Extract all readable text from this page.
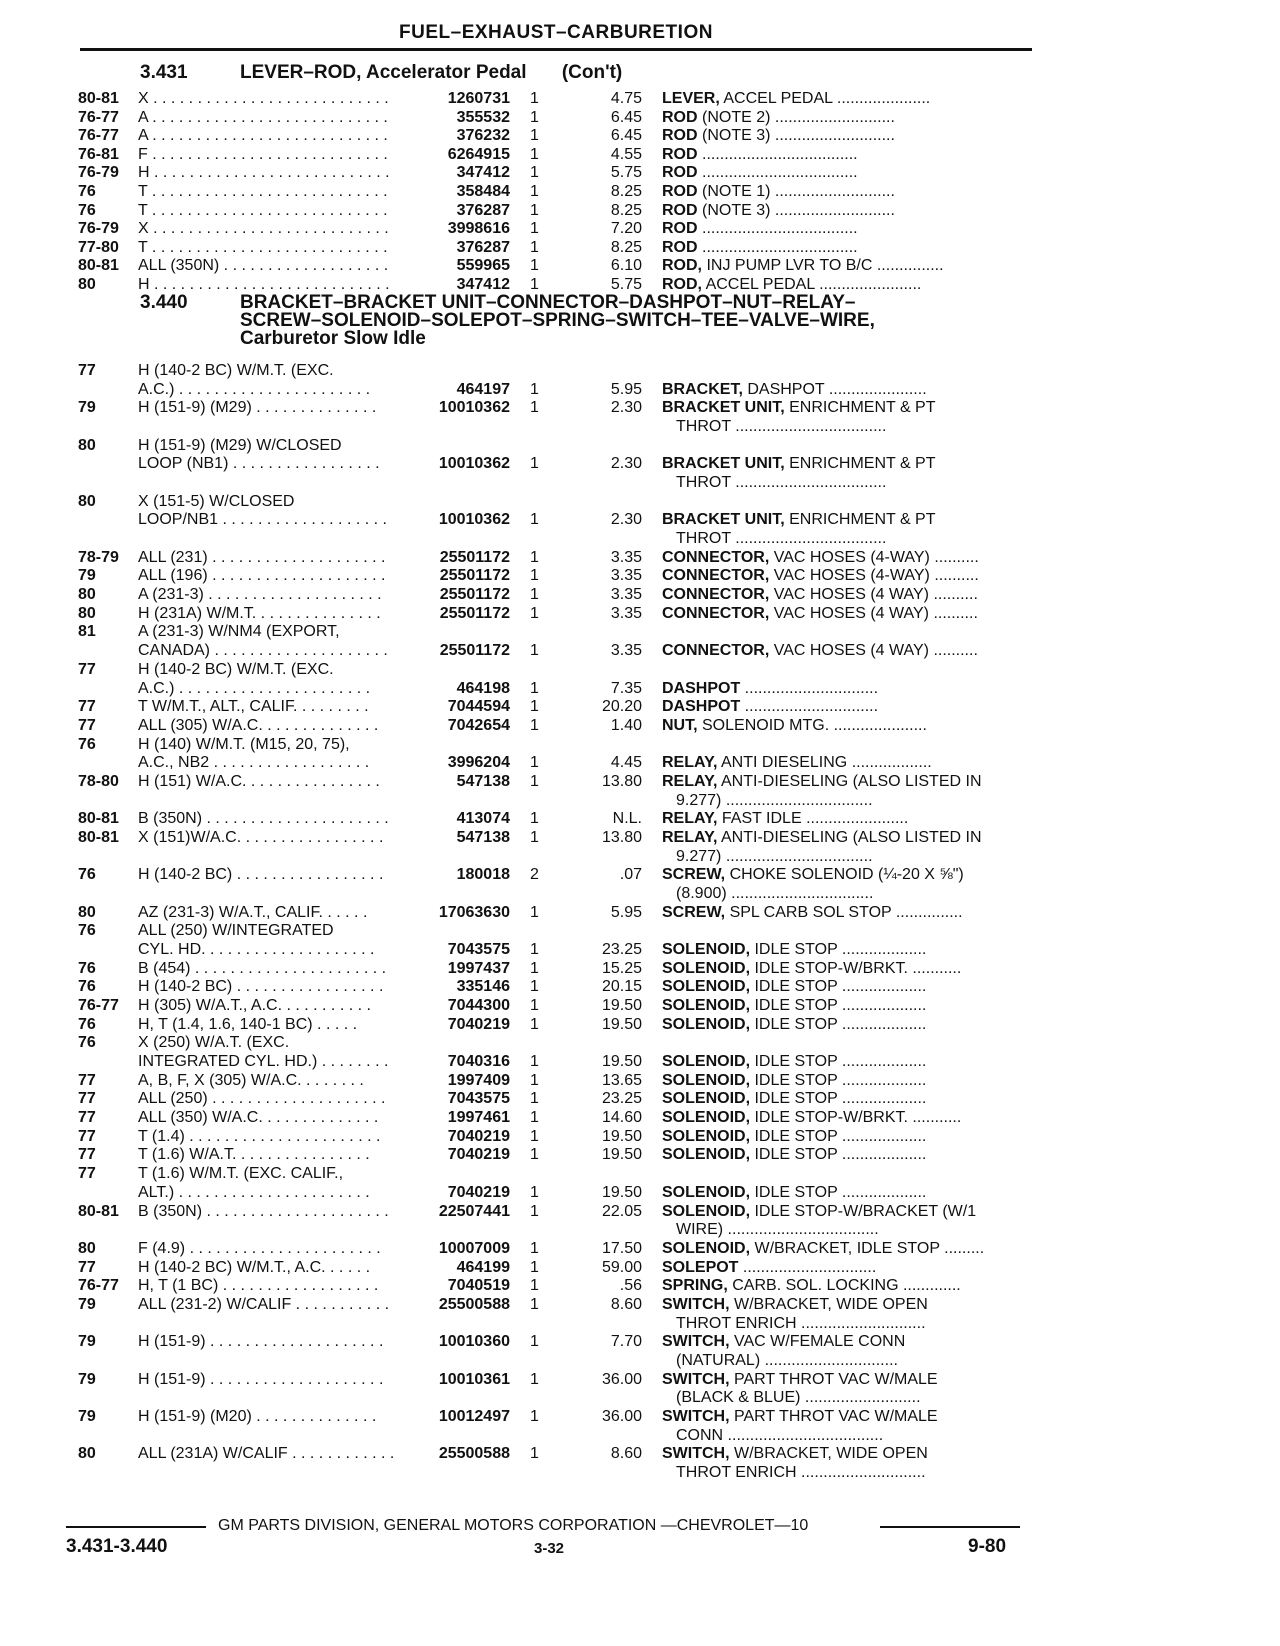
FUEL–EXHAUST–CARBURETION
3.431	LEVER–ROD, Accelerator Pedal (Con't)
3.440	BRACKET–BRACKET UNIT–CONNECTOR–DASHPOT–NUT–RELAY–
SCREW–SOLENOID–SOLEPOT–SPRING–SWITCH–TEE–VALVE–WIRE,
Carburetor Slow Idle
80-81	X . . . . . . . . . . . . . . . . . . . . . . . . . . .	1260731 1	4.75 LEVER, ACCEL PEDAL .....................
76-77	A . . . . . . . . . . . . . . . . . . . . . . . . . . .	355532 1	6.45 ROD (NOTE 2) ...........................
76-77	A . . . . . . . . . . . . . . . . . . . . . . . . . . .	376232 1	6.45 ROD (NOTE 3) ...........................
76-81	F . . . . . . . . . . . . . . . . . . . . . . . . . . .	6264915 1	4.55 ROD ...................................
76-79	H . . . . . . . . . . . . . . . . . . . . . . . . . . .	347412 1	5.75 ROD ...................................
76	T . . . . . . . . . . . . . . . . . . . . . . . . . . .	358484 1	8.25 ROD (NOTE 1) ...........................
76	T . . . . . . . . . . . . . . . . . . . . . . . . . . .	376287 1	8.25 ROD (NOTE 3) ...........................
76-79	X . . . . . . . . . . . . . . . . . . . . . . . . . . .	3998616 1	7.20 ROD ...................................
77-80	T . . . . . . . . . . . . . . . . . . . . . . . . . . .	376287 1	8.25 ROD ...................................
80-81	ALL (350N) . . . . . . . . . . . . . . . . . . .	559965 1	6.10 ROD, INJ PUMP LVR TO B/C ...............
80	H . . . . . . . . . . . . . . . . . . . . . . . . . . .	347412 1	5.75 ROD, ACCEL PEDAL .......................
77	H (140-2 BC) W/M.T. (EXC.
A.C.) . . . . . . . . . . . . . . . . . . . . . .	464197 1	5.95 BRACKET, DASHPOT ......................
79	H (151-9) (M29) . . . . . . . . . . . . . .	10010362 1	2.30 BRACKET UNIT, ENRICHMENT & PT
THROT ..................................
80	H (151-9) (M29) W/CLOSED
LOOP (NB1) . . . . . . . . . . . . . . . . .	10010362 1	2.30 BRACKET UNIT, ENRICHMENT & PT
THROT ..................................
80	X (151-5) W/CLOSED
LOOP/NB1 . . . . . . . . . . . . . . . . . . .	10010362 1	2.30 BRACKET UNIT, ENRICHMENT & PT
THROT ..................................
78-79	ALL (231) . . . . . . . . . . . . . . . . . . . .	25501172 1	3.35 CONNECTOR, VAC HOSES (4-WAY) ..........
79	ALL (196) . . . . . . . . . . . . . . . . . . . .	25501172 1	3.35 CONNECTOR, VAC HOSES (4-WAY) ..........
80	A (231-3) . . . . . . . . . . . . . . . . . . . .	25501172 1	3.35 CONNECTOR, VAC HOSES (4 WAY) ..........
80	H (231A) W/M.T. . . . . . . . . . . . . . .	25501172 1	3.35 CONNECTOR, VAC HOSES (4 WAY) ..........
81	A (231-3) W/NM4 (EXPORT,
CANADA) . . . . . . . . . . . . . . . . . . . .	25501172 1	3.35 CONNECTOR, VAC HOSES (4 WAY) ..........
77	H (140-2 BC) W/M.T. (EXC.
A.C.) . . . . . . . . . . . . . . . . . . . . . .	464198 1	7.35 DASHPOT ..............................
77	T W/M.T., ALT., CALIF. . . . . . . . .	7044594 1	20.20 DASHPOT ..............................
77	ALL (305) W/A.C. . . . . . . . . . . . . .	7042654 1	1.40 NUT, SOLENOID MTG. .....................
76	H (140) W/M.T. (M15, 20, 75),
A.C., NB2 . . . . . . . . . . . . . . . . . .	3996204 1	4.45 RELAY, ANTI DIESELING ..................
78-80	H (151) W/A.C. . . . . . . . . . . . . . . .	547138 1	13.80 RELAY, ANTI-DIESELING (ALSO LISTED IN
9.277) .................................
80-81	B (350N) . . . . . . . . . . . . . . . . . . . . .	413074 1	N.L. RELAY, FAST IDLE .......................
80-81	X (151)W/A.C. . . . . . . . . . . . . . . . .	547138 1	13.80 RELAY, ANTI-DIESELING (ALSO LISTED IN
9.277) .................................
76	H (140-2 BC) . . . . . . . . . . . . . . . . .	180018 2	.07 SCREW, CHOKE SOLENOID (¼-20 X ⅝")
(8.900) ................................
80	AZ (231-3) W/A.T., CALIF. . . . . .	17063630 1	5.95 SCREW, SPL CARB SOL STOP ...............
76	ALL (250) W/INTEGRATED
CYL. HD. . . . . . . . . . . . . . . . . . . .	7043575 1	23.25 SOLENOID, IDLE STOP ...................
76	B (454) . . . . . . . . . . . . . . . . . . . . . .	1997437 1	15.25 SOLENOID, IDLE STOP-W/BRKT. ...........
76	H (140-2 BC) . . . . . . . . . . . . . . . . .	335146 1	20.15 SOLENOID, IDLE STOP ...................
76-77	H (305) W/A.T., A.C. . . . . . . . . . .	7044300 1	19.50 SOLENOID, IDLE STOP ...................
76	H, T (1.4, 1.6, 140-1 BC) . . . . .	7040219 1	19.50 SOLENOID, IDLE STOP ...................
76	X (250) W/A.T. (EXC.
INTEGRATED CYL. HD.) . . . . . . . .	7040316 1	19.50 SOLENOID, IDLE STOP ...................
77	A, B, F, X (305) W/A.C. . . . . . . .	1997409 1	13.65 SOLENOID, IDLE STOP ...................
77	ALL (250) . . . . . . . . . . . . . . . . . . . .	7043575 1	23.25 SOLENOID, IDLE STOP ...................
77	ALL (350) W/A.C. . . . . . . . . . . . . .	1997461 1	14.60 SOLENOID, IDLE STOP-W/BRKT. ...........
77	T (1.4) . . . . . . . . . . . . . . . . . . . . . .	7040219 1	19.50 SOLENOID, IDLE STOP ...................
77	T (1.6) W/A.T. . . . . . . . . . . . . . . .	7040219 1	19.50 SOLENOID, IDLE STOP ...................
77	T (1.6) W/M.T. (EXC. CALIF.,
ALT.) . . . . . . . . . . . . . . . . . . . . . .	7040219 1	19.50 SOLENOID, IDLE STOP ...................
80-81	B (350N) . . . . . . . . . . . . . . . . . . . . .	22507441 1	22.05 SOLENOID, IDLE STOP-W/BRACKET (W/1
WIRE) ..................................
80	F (4.9) . . . . . . . . . . . . . . . . . . . . . .	10007009 1	17.50 SOLENOID, W/BRACKET, IDLE STOP .........
77	H (140-2 BC) W/M.T., A.C. . . . . .	464199 1	59.00 SOLEPOT ..............................
76-77	H, T (1 BC) . . . . . . . . . . . . . . . . . .	7040519 1	.56 SPRING, CARB. SOL. LOCKING .............
79	ALL (231-2) W/CALIF . . . . . . . . . . .	25500588 1	8.60 SWITCH, W/BRACKET, WIDE OPEN
THROT ENRICH ............................
79	H (151-9) . . . . . . . . . . . . . . . . . . . .	10010360 1	7.70 SWITCH, VAC W/FEMALE CONN
(NATURAL) ..............................
79	H (151-9) . . . . . . . . . . . . . . . . . . . .	10010361 1	36.00 SWITCH, PART THROT VAC W/MALE
(BLACK & BLUE) ..........................
79	H (151-9) (M20) . . . . . . . . . . . . . .	10012497 1	36.00 SWITCH, PART THROT VAC W/MALE
CONN ...................................
80	ALL (231A) W/CALIF . . . . . . . . . . . .	25500588 1	8.60 SWITCH, W/BRACKET, WIDE OPEN
THROT ENRICH ............................
GM PARTS DIVISION, GENERAL MOTORS CORPORATION —CHEVROLET—10
3.431-3.440	3-32	9-80
